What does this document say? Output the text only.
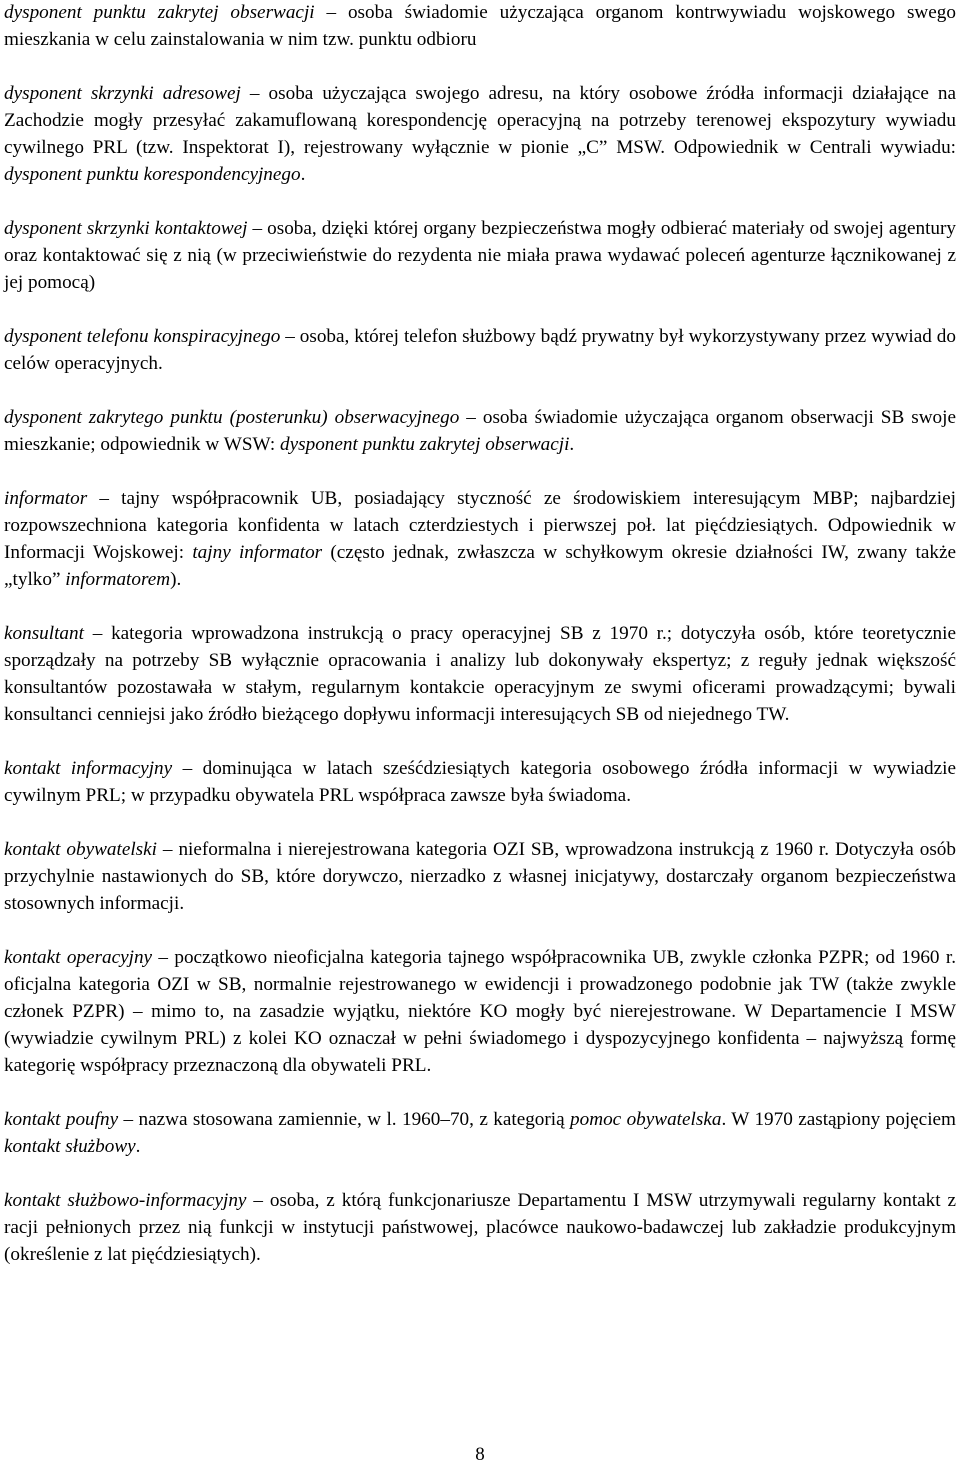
dysponent punktu zakrytej obserwacji – osoba świadomie użyczająca organom kontrwywiadu wojskowego swego mieszkania w celu zainstalowania w nim tzw. punktu odbioru

dysponent skrzynki adresowej – osoba użyczająca swojego adresu, na który osobowe źródła informacji działające na Zachodzie mogły przesyłać zakamuflowaną korespondencję operacyjną na potrzeby terenowej ekspozytury wywiadu cywilnego PRL (tzw. Inspektorat I), rejestrowany wyłącznie w pionie „C” MSW. Odpowiednik w Centrali wywiadu: dysponent punktu korespondencyjnego.

dysponent skrzynki kontaktowej – osoba, dzięki której organy bezpieczeństwa mogły odbierać materiały od swojej agentury oraz kontaktować się z nią (w przeciwieństwie do rezydenta nie miała prawa wydawać poleceń agenturze łącznikowanej z jej pomocą)

dysponent telefonu konspiracyjnego – osoba, której telefon służbowy bądź prywatny był wykorzystywany przez wywiad do celów operacyjnych.

dysponent zakrytego punktu (posterunku) obserwacyjnego – osoba świadomie użyczająca organom obserwacji SB swoje mieszkanie; odpowiednik w WSW: dysponent punktu zakrytej obserwacji.

informator – tajny współpracownik UB, posiadający styczność ze środowiskiem interesującym MBP; najbardziej rozpowszechniona kategoria konfidenta w latach czterdziestych i pierwszej poł. lat pięćdziesiątych. Odpowiednik w Informacji Wojskowej: tajny informator (często jednak, zwłaszcza w schyłkowym okresie działności IW, zwany także „tylko” informatorem).

konsultant – kategoria wprowadzona instrukcją o pracy operacyjnej SB z 1970 r.; dotyczyła osób, które teoretycznie sporządzały na potrzeby SB wyłącznie opracowania i analizy lub dokonywały ekspertyz; z reguły jednak większość konsultantów pozostawała w stałym, regularnym kontakcie operacyjnym ze swymi oficerami prowadzącymi; bywali konsultanci cenniejsi jako źródło bieżącego dopływu informacji interesujących SB od niejednego TW.

kontakt informacyjny – dominująca w latach sześćdziesiątych kategoria osobowego źródła informacji w wywiadzie cywilnym PRL; w przypadku obywatela PRL współpraca zawsze była świadoma.

kontakt obywatelski – nieformalna i nierejestrowana kategoria OZI SB, wprowadzona instrukcją z 1960 r. Dotyczyła osób przychylnie nastawionych do SB, które dorywczo, nierzadko z własnej inicjatywy, dostarczały organom bezpieczeństwa stosownych informacji.

kontakt operacyjny – początkowo nieoficjalna kategoria tajnego współpracownika UB, zwykle członka PZPR; od 1960 r. oficjalna kategoria OZI w SB, normalnie rejestrowanego w ewidencji i prowadzonego podobnie jak TW (także zwykle członek PZPR) – mimo to, na zasadzie wyjątku, niektóre KO mogły być nierejestrowane. W Departamencie I MSW (wywiadzie cywilnym PRL) z kolei KO oznaczał w pełni świadomego i dyspozycyjnego konfidenta – najwyższą formę kategorię współpracy przeznaczoną dla obywateli PRL.

kontakt poufny – nazwa stosowana zamiennie, w l. 1960–70, z kategorią pomoc obywatelska. W 1970 zastąpiony pojęciem kontakt służbowy.

kontakt służbowo-informacyjny – osoba, z którą funkcjonariusze Departamentu I MSW utrzymywali regularny kontakt z racji pełnionych przez nią funkcji w instytucji państwowej, placówce naukowo-badawczej lub zakładzie produkcyjnym (określenie z lat pięćdziesiątych).

8
